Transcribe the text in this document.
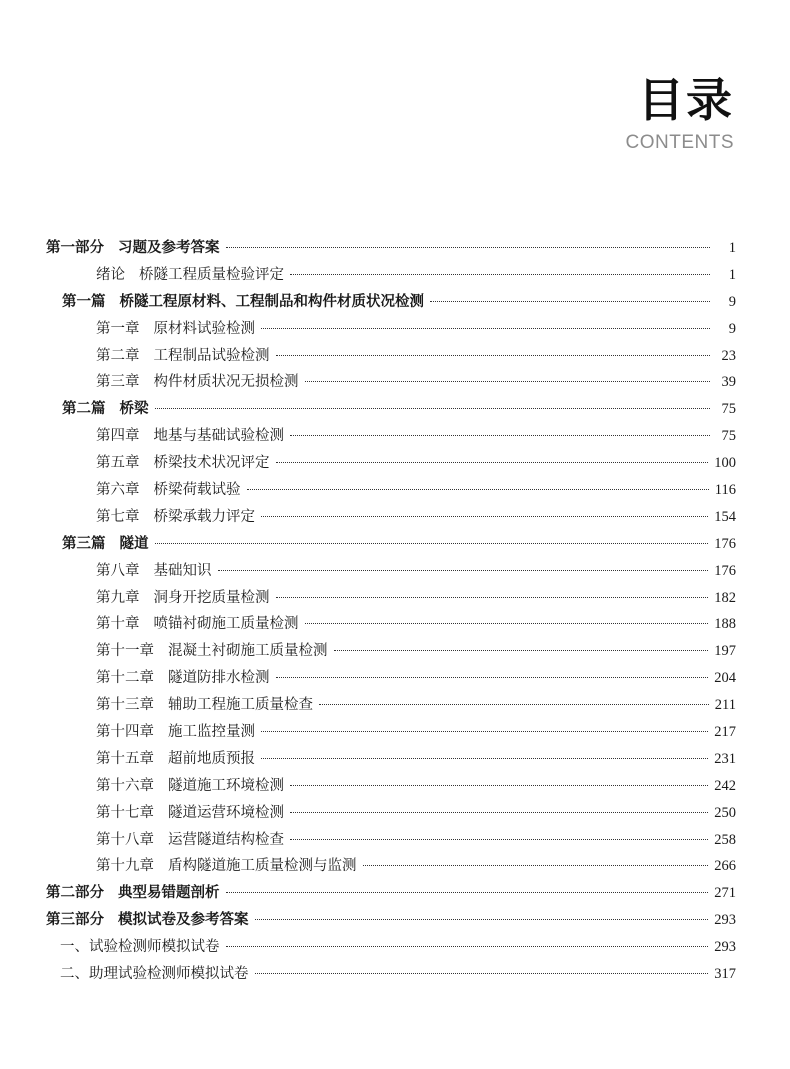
目录
CONTENTS
第一部分 习题及参考答案	1
绪论 桥隧工程质量检验评定	1
第一篇 桥隧工程原材料、工程制品和构件材质状况检测	9
第一章 原材料试验检测	9
第二章 工程制品试验检测	23
第三章 构件材质状况无损检测	39
第二篇 桥梁	75
第四章 地基与基础试验检测	75
第五章 桥梁技术状况评定	100
第六章 桥梁荷载试验	116
第七章 桥梁承载力评定	154
第三篇 隧道	176
第八章 基础知识	176
第九章 洞身开挖质量检测	182
第十章 喷锚衬砌施工质量检测	188
第十一章 混凝土衬砌施工质量检测	197
第十二章 隧道防排水检测	204
第十三章 辅助工程施工质量检查	211
第十四章 施工监控量测	217
第十五章 超前地质预报	231
第十六章 隧道施工环境检测	242
第十七章 隧道运营环境检测	250
第十八章 运营隧道结构检查	258
第十九章 盾构隧道施工质量检测与监测	266
第二部分 典型易错题剖析	271
第三部分 模拟试卷及参考答案	293
一、试验检测师模拟试卷	293
二、助理试验检测师模拟试卷	317
